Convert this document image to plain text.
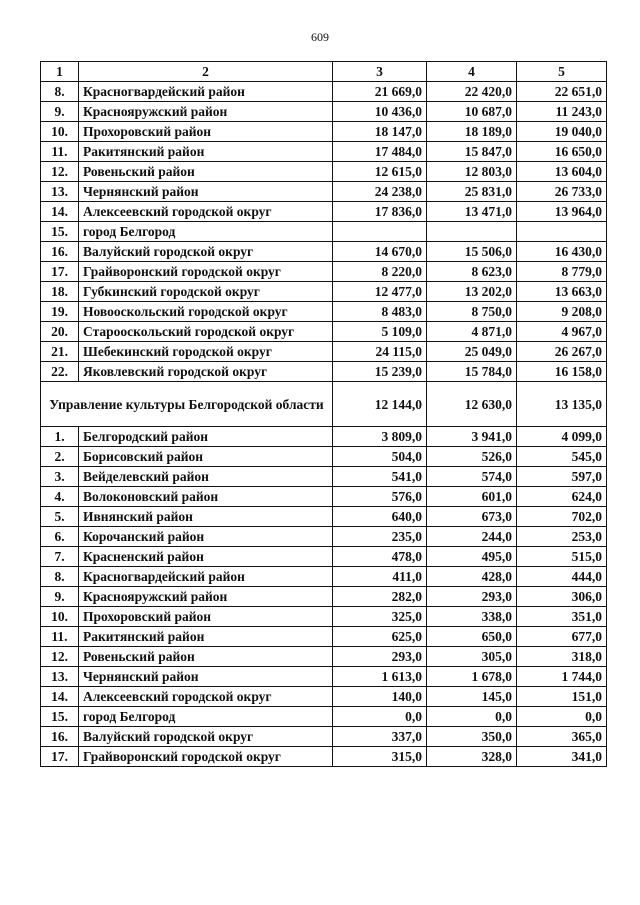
609
1	2	3	4	5
8.	Красногвардейский район	21 669,0	22 420,0	22 651,0
9.	Краснояружский район	10 436,0	10 687,0	11 243,0
10.	Прохоровский район	18 147,0	18 189,0	19 040,0
11.	Ракитянский район	17 484,0	15 847,0	16 650,0
12.	Ровеньский район	12 615,0	12 803,0	13 604,0
13.	Чернянский район	24 238,0	25 831,0	26 733,0
14.	Алексеевский городской округ	17 836,0	13 471,0	13 964,0
15.	город Белгород			
16.	Валуйский городской округ	14 670,0	15 506,0	16 430,0
17.	Грайворонский городской округ	8 220,0	8 623,0	8 779,0
18.	Губкинский городской округ	12 477,0	13 202,0	13 663,0
19.	Новооскольский городской округ	8 483,0	8 750,0	9 208,0
20.	Старооскольский городской округ	5 109,0	4 871,0	4 967,0
21.	Шебекинский городской округ	24 115,0	25 049,0	26 267,0
22.	Яковлевский городской округ	15 239,0	15 784,0	16 158,0
Управление культуры Белгородской области		12 144,0	12 630,0	13 135,0
1.	Белгородский район	3 809,0	3 941,0	4 099,0
2.	Борисовский район	504,0	526,0	545,0
3.	Вейделевский район	541,0	574,0	597,0
4.	Волоконовский район	576,0	601,0	624,0
5.	Ивнянский район	640,0	673,0	702,0
6.	Корочанский район	235,0	244,0	253,0
7.	Красненский район	478,0	495,0	515,0
8.	Красногвардейский район	411,0	428,0	444,0
9.	Краснояружский район	282,0	293,0	306,0
10.	Прохоровский район	325,0	338,0	351,0
11.	Ракитянский район	625,0	650,0	677,0
12.	Ровеньский район	293,0	305,0	318,0
13.	Чернянский район	1 613,0	1 678,0	1 744,0
14.	Алексеевский городской округ	140,0	145,0	151,0
15.	город Белгород	0,0	0,0	0,0
16.	Валуйский городской округ	337,0	350,0	365,0
17.	Грайворонский городской округ	315,0	328,0	341,0
